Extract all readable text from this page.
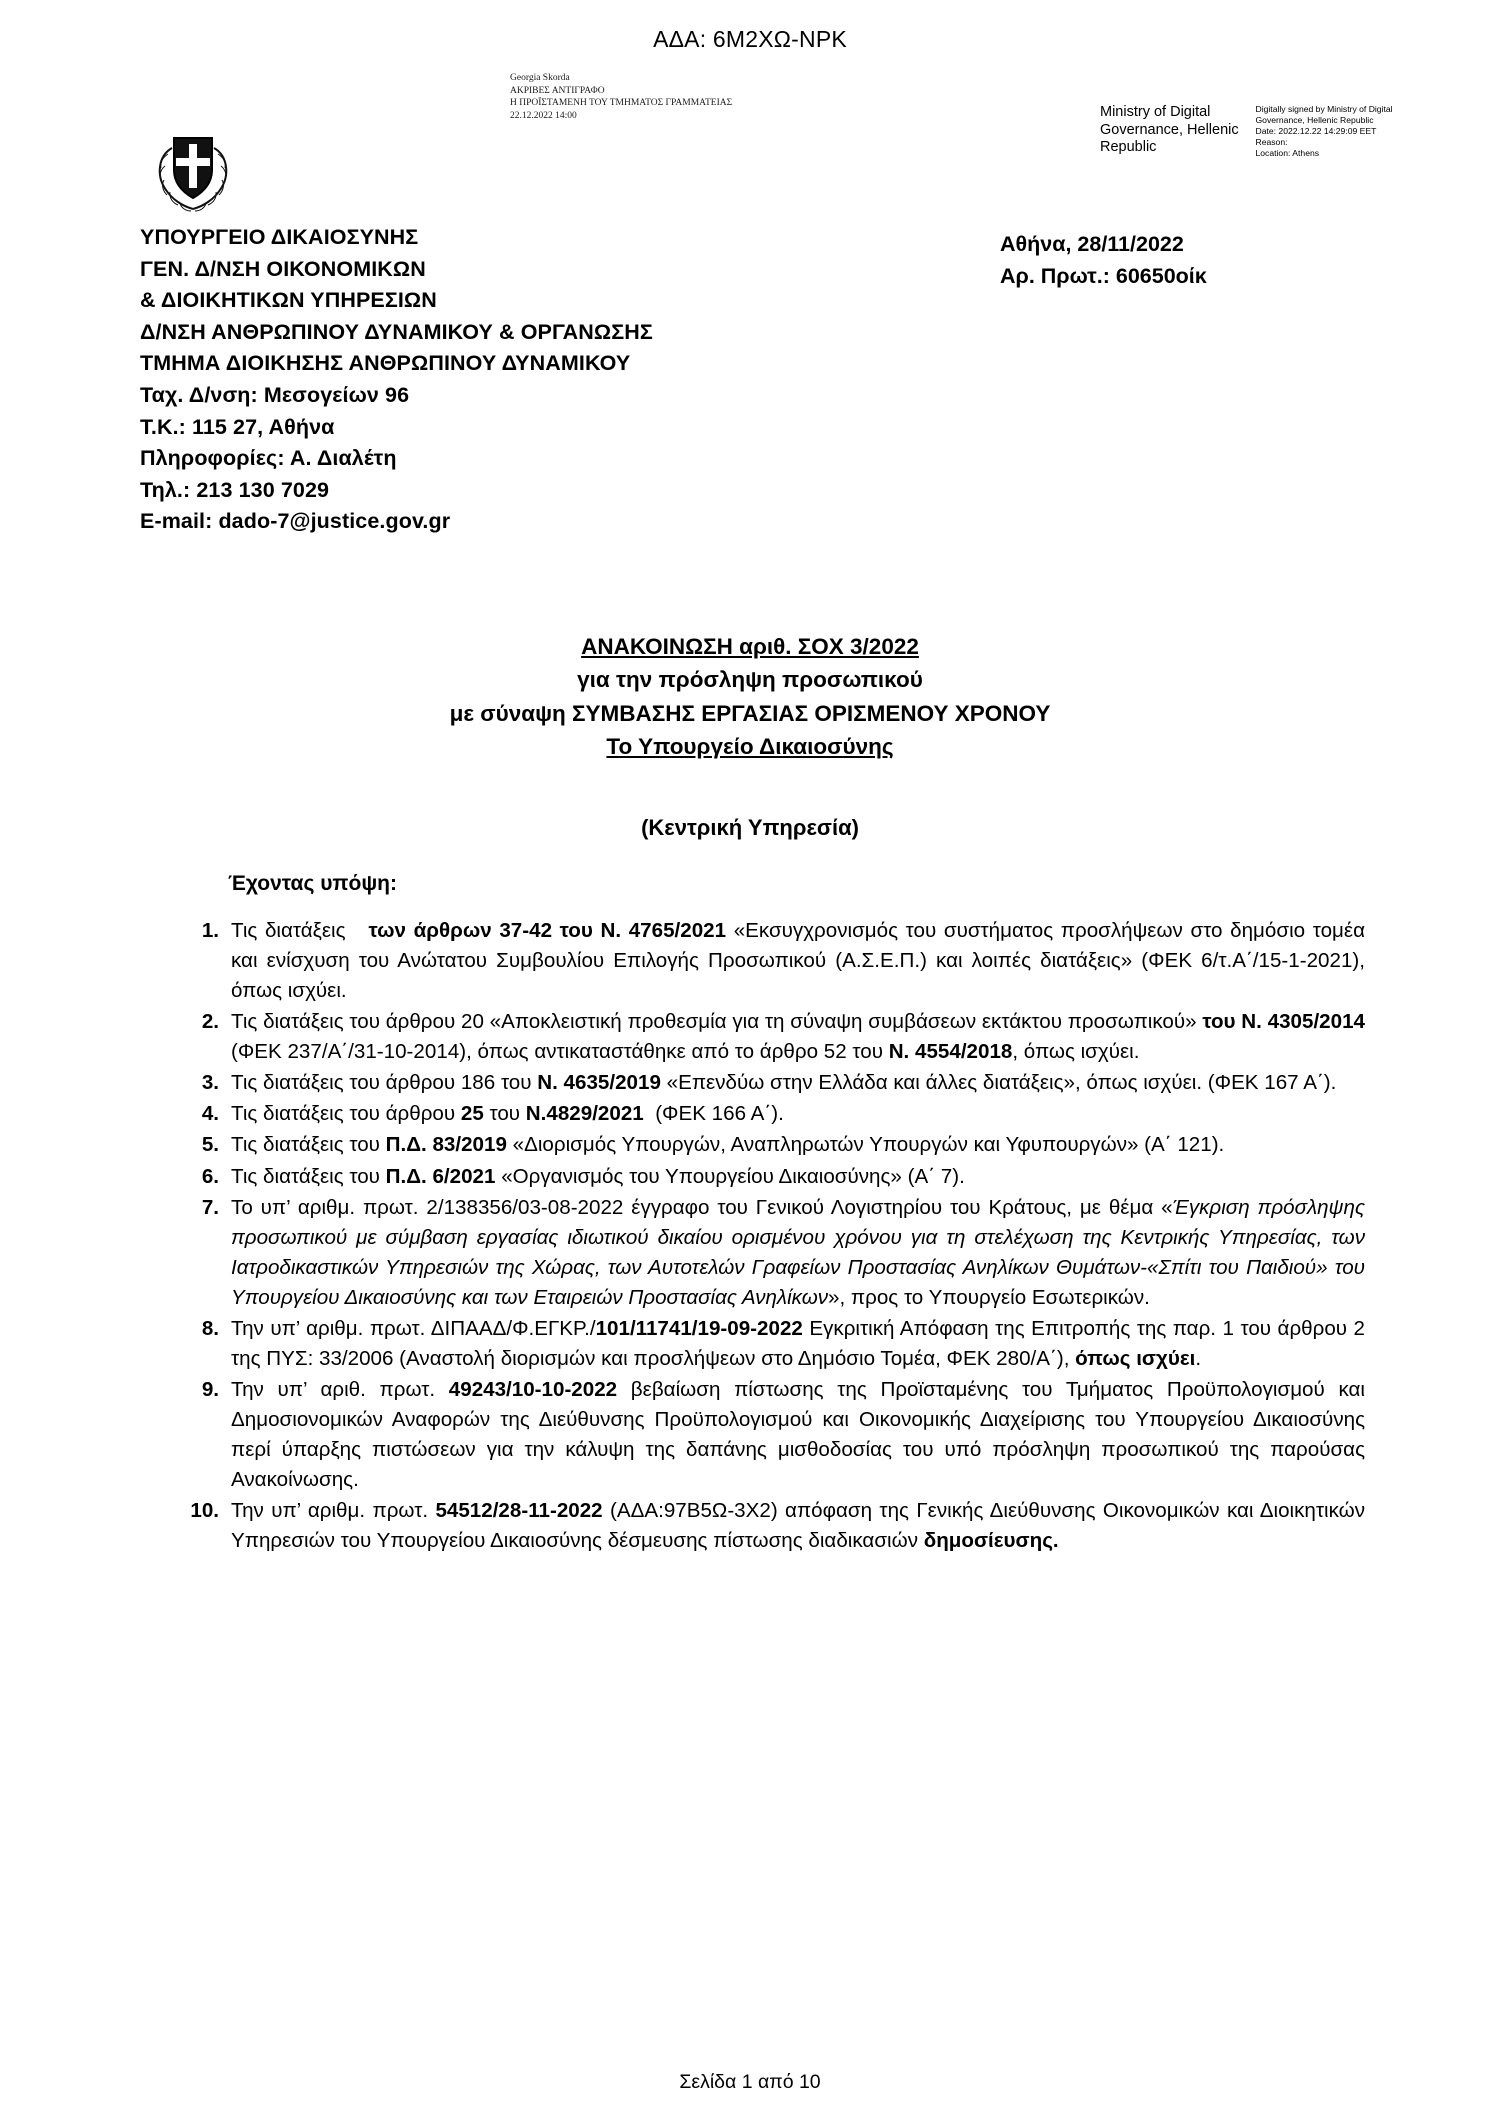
ΑΔΑ: 6Μ2ΧΩ-ΝΡΚ
Georgia Skorda
ΑΚΡΙΒΕΣ ΑΝΤΙΓΡΑΦΟ
Η ΠΡΟΪΣΤΑΜΕΝΗ ΤΟΥ ΤΜΗΜΑΤΟΣ ΓΡΑΜΜΑΤΕΙΑΣ
22.12.2022 14:00	Ministry of Digital Governance, Hellenic Republic
Digitally signed by Ministry of Digital Governance, Hellenic Republic
Date: 2022.12.22 14:29:09 EET
Reason:
Location: Athens
ΥΠΟΥΡΓΕΙΟ ΔΙΚΑΙΟΣΥΝΗΣ
ΓΕΝ. Δ/ΝΣΗ ΟΙΚΟΝΟΜΙΚΩΝ
& ΔΙΟΙΚΗΤΙΚΩΝ ΥΠΗΡΕΣΙΩΝ
Δ/ΝΣΗ ΑΝΘΡΩΠΙΝΟΥ ΔΥΝΑΜΙΚΟΥ & ΟΡΓΑΝΩΣΗΣ
ΤΜΗΜΑ ΔΙΟΙΚΗΣΗΣ ΑΝΘΡΩΠΙΝΟΥ ΔΥΝΑΜΙΚΟΥ
Ταχ. Δ/νση: Μεσογείων 96
Τ.Κ.: 115 27, Αθήνα
Πληροφορίες: Α. Διαλέτη
Τηλ.: 213 130 7029
E-mail: dado-7@justice.gov.gr
Αθήνα, 28/11/2022
Αρ. Πρωτ.: 60650οίκ
ΑΝΑΚΟΙΝΩΣΗ αριθ. ΣΟΧ 3/2022
για την πρόσληψη προσωπικού
με σύναψη ΣΥΜΒΑΣΗΣ ΕΡΓΑΣΙΑΣ ΟΡΙΣΜΕΝΟΥ ΧΡΟΝΟΥ
Το Υπουργείο Δικαιοσύνης
(Κεντρική Υπηρεσία)
Έχοντας υπόψη:
1. Τις διατάξεις   των άρθρων 37-42 του Ν. 4765/2021 «Εκσυγχρονισμός του συστήματος προσλήψεων στο δημόσιο τομέα και ενίσχυση του Ανώτατου Συμβουλίου Επιλογής Προσωπικού (Α.Σ.Ε.Π.) και λοιπές διατάξεις» (ΦΕΚ 6/τ.Α΄/15-1-2021), όπως ισχύει.
2. Τις διατάξεις του άρθρου 20 «Αποκλειστική προθεσμία για τη σύναψη συμβάσεων εκτάκτου προσωπικού» του Ν. 4305/2014 (ΦΕΚ 237/Α΄/31-10-2014), όπως αντικαταστάθηκε από το άρθρο 52 του Ν. 4554/2018, όπως ισχύει.
3. Τις διατάξεις του άρθρου 186 του Ν. 4635/2019 «Επενδύω στην Ελλάδα και άλλες διατάξεις», όπως ισχύει. (ΦΕΚ 167 Α΄).
4. Τις διατάξεις του άρθρου 25 του Ν.4829/2021  (ΦΕΚ 166 Α΄).
5. Τις διατάξεις του Π.Δ. 83/2019 «Διορισμός Υπουργών, Αναπληρωτών Υπουργών και Υφυπουργών» (Α΄ 121).
6. Τις διατάξεις του Π.Δ. 6/2021 «Οργανισμός του Υπουργείου Δικαιοσύνης» (Α΄ 7).
7. Το υπ’ αριθμ. πρωτ. 2/138356/03-08-2022 έγγραφο του Γενικού Λογιστηρίου του Κράτους, με θέμα «Έγκριση πρόσληψης προσωπικού με σύμβαση εργασίας ιδιωτικού δικαίου ορισμένου χρόνου για τη στελέχωση της Κεντρικής Υπηρεσίας, των Ιατροδικαστικών Υπηρεσιών της Χώρας, των Αυτοτελών Γραφείων Προστασίας Ανηλίκων Θυμάτων-«Σπίτι του Παιδιού» του Υπουργείου Δικαιοσύνης και των Εταιρειών Προστασίας Ανηλίκων», προς το Υπουργείο Εσωτερικών.
8. Την υπ’ αριθμ. πρωτ. ΔΙΠΑΑΔ/Φ.ΕΓΚΡ./101/11741/19-09-2022 Εγκριτική Απόφαση της Επιτροπής της παρ. 1 του άρθρου 2 της ΠΥΣ: 33/2006 (Αναστολή διορισμών και προσλήψεων στο Δημόσιο Τομέα, ΦΕΚ 280/Α΄), όπως ισχύει.
9. Την υπ’ αριθ. πρωτ. 49243/10-10-2022 βεβαίωση πίστωσης της Προϊσταμένης του Τμήματος Προϋπολογισμού και Δημοσιονομικών Αναφορών της Διεύθυνσης Προϋπολογισμού και Οικονομικής Διαχείρισης του Υπουργείου Δικαιοσύνης περί ύπαρξης πιστώσεων για την κάλυψη της δαπάνης μισθοδοσίας του υπό πρόσληψη προσωπικού της παρούσας Ανακοίνωσης.
10. Την υπ’ αριθμ. πρωτ. 54512/28-11-2022 (ΑΔΑ:97Β5Ω-3Χ2) απόφαση της Γενικής Διεύθυνσης Οικονομικών και Διοικητικών Υπηρεσιών του Υπουργείου Δικαιοσύνης δέσμευσης πίστωσης διαδικασιών δημοσίευσης.
Σελίδα 1 από 10
